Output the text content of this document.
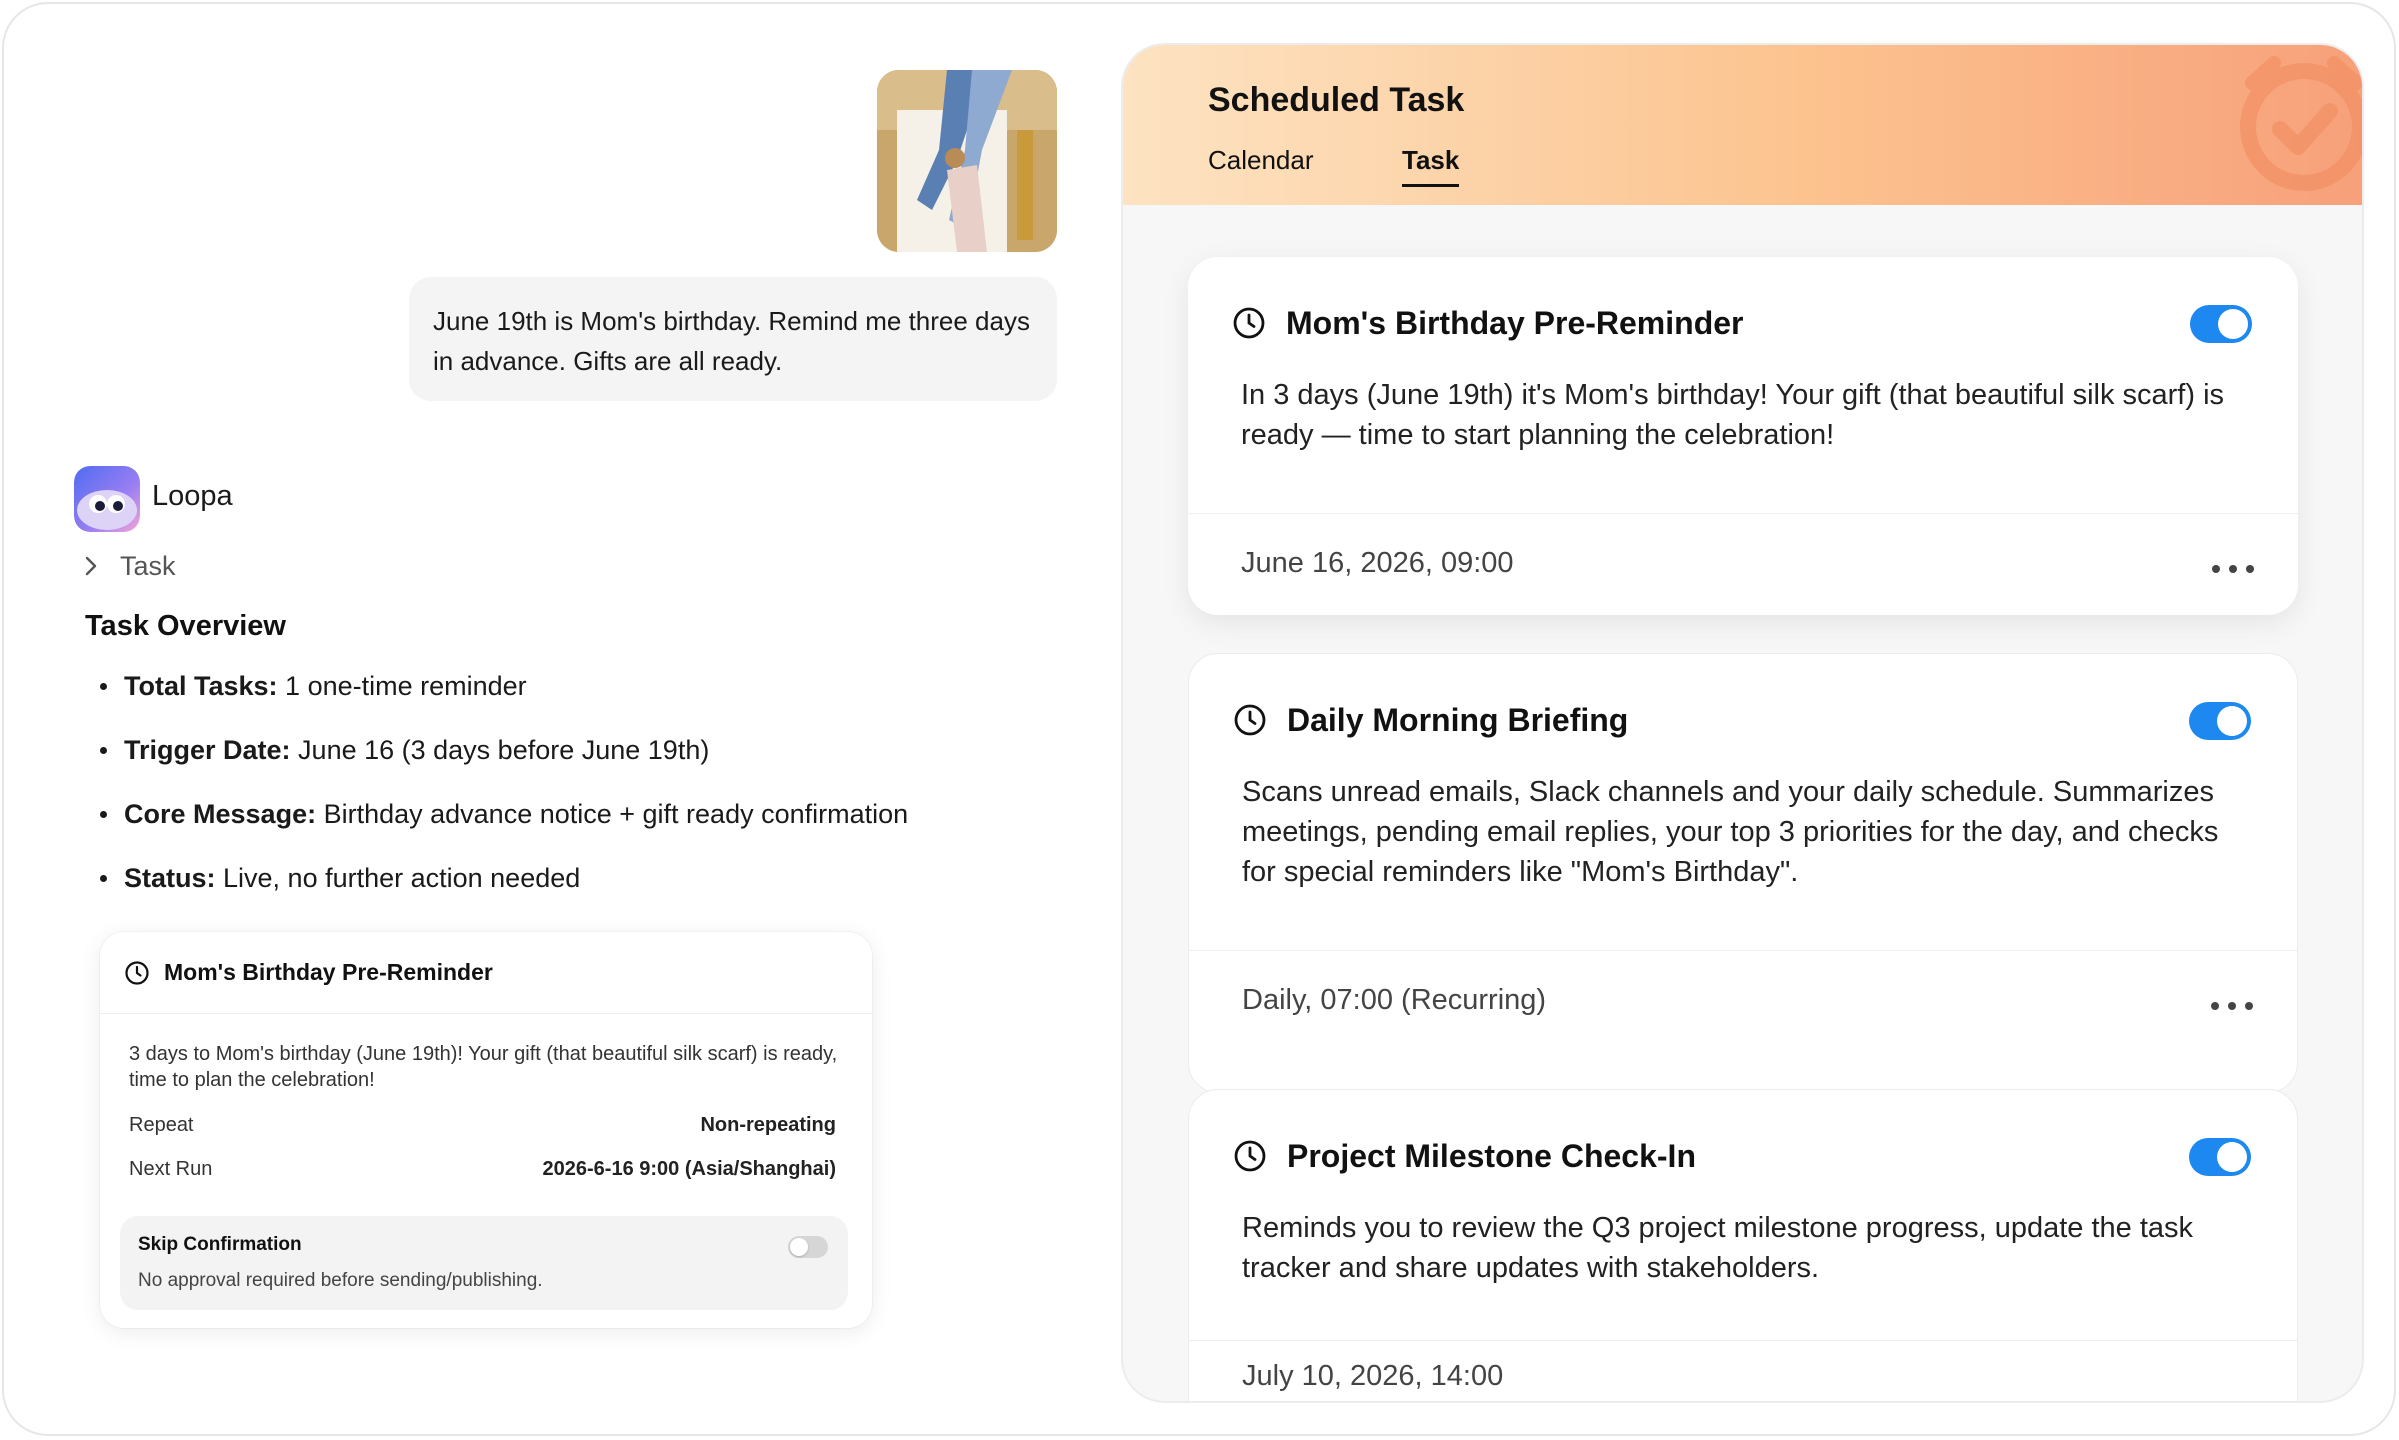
June 19th is Mom's birthday. Remind me three days in advance. Gifts are all ready.
Loopa
Task
Task Overview
Total Tasks: 1 one-time reminder
Trigger Date: June 16 (3 days before June 19th)
Core Message: Birthday advance notice + gift ready confirmation
Status: Live, no further action needed
Mom's Birthday Pre-Reminder
3 days to Mom's birthday (June 19th)! Your gift (that beautiful silk scarf) is ready, time to plan the celebration!
Repeat	Non-repeating
Next Run	2026-6-16 9:00 (Asia/Shanghai)
Skip Confirmation
No approval required before sending/publishing.
Scheduled Task
Calendar	Task
Mom's Birthday Pre-Reminder
In 3 days (June 19th) it's Mom's birthday! Your gift (that beautiful silk scarf) is ready — time to start planning the celebration!
June 16, 2026, 09:00
Daily Morning Briefing
Scans unread emails, Slack channels and your daily schedule. Summarizes meetings, pending email replies, your top 3 priorities for the day, and checks for special reminders like "Mom's Birthday".
Daily, 07:00 (Recurring)
Project Milestone Check-In
Reminds you to review the Q3 project milestone progress, update the task tracker and share updates with stakeholders.
July 10, 2026, 14:00
